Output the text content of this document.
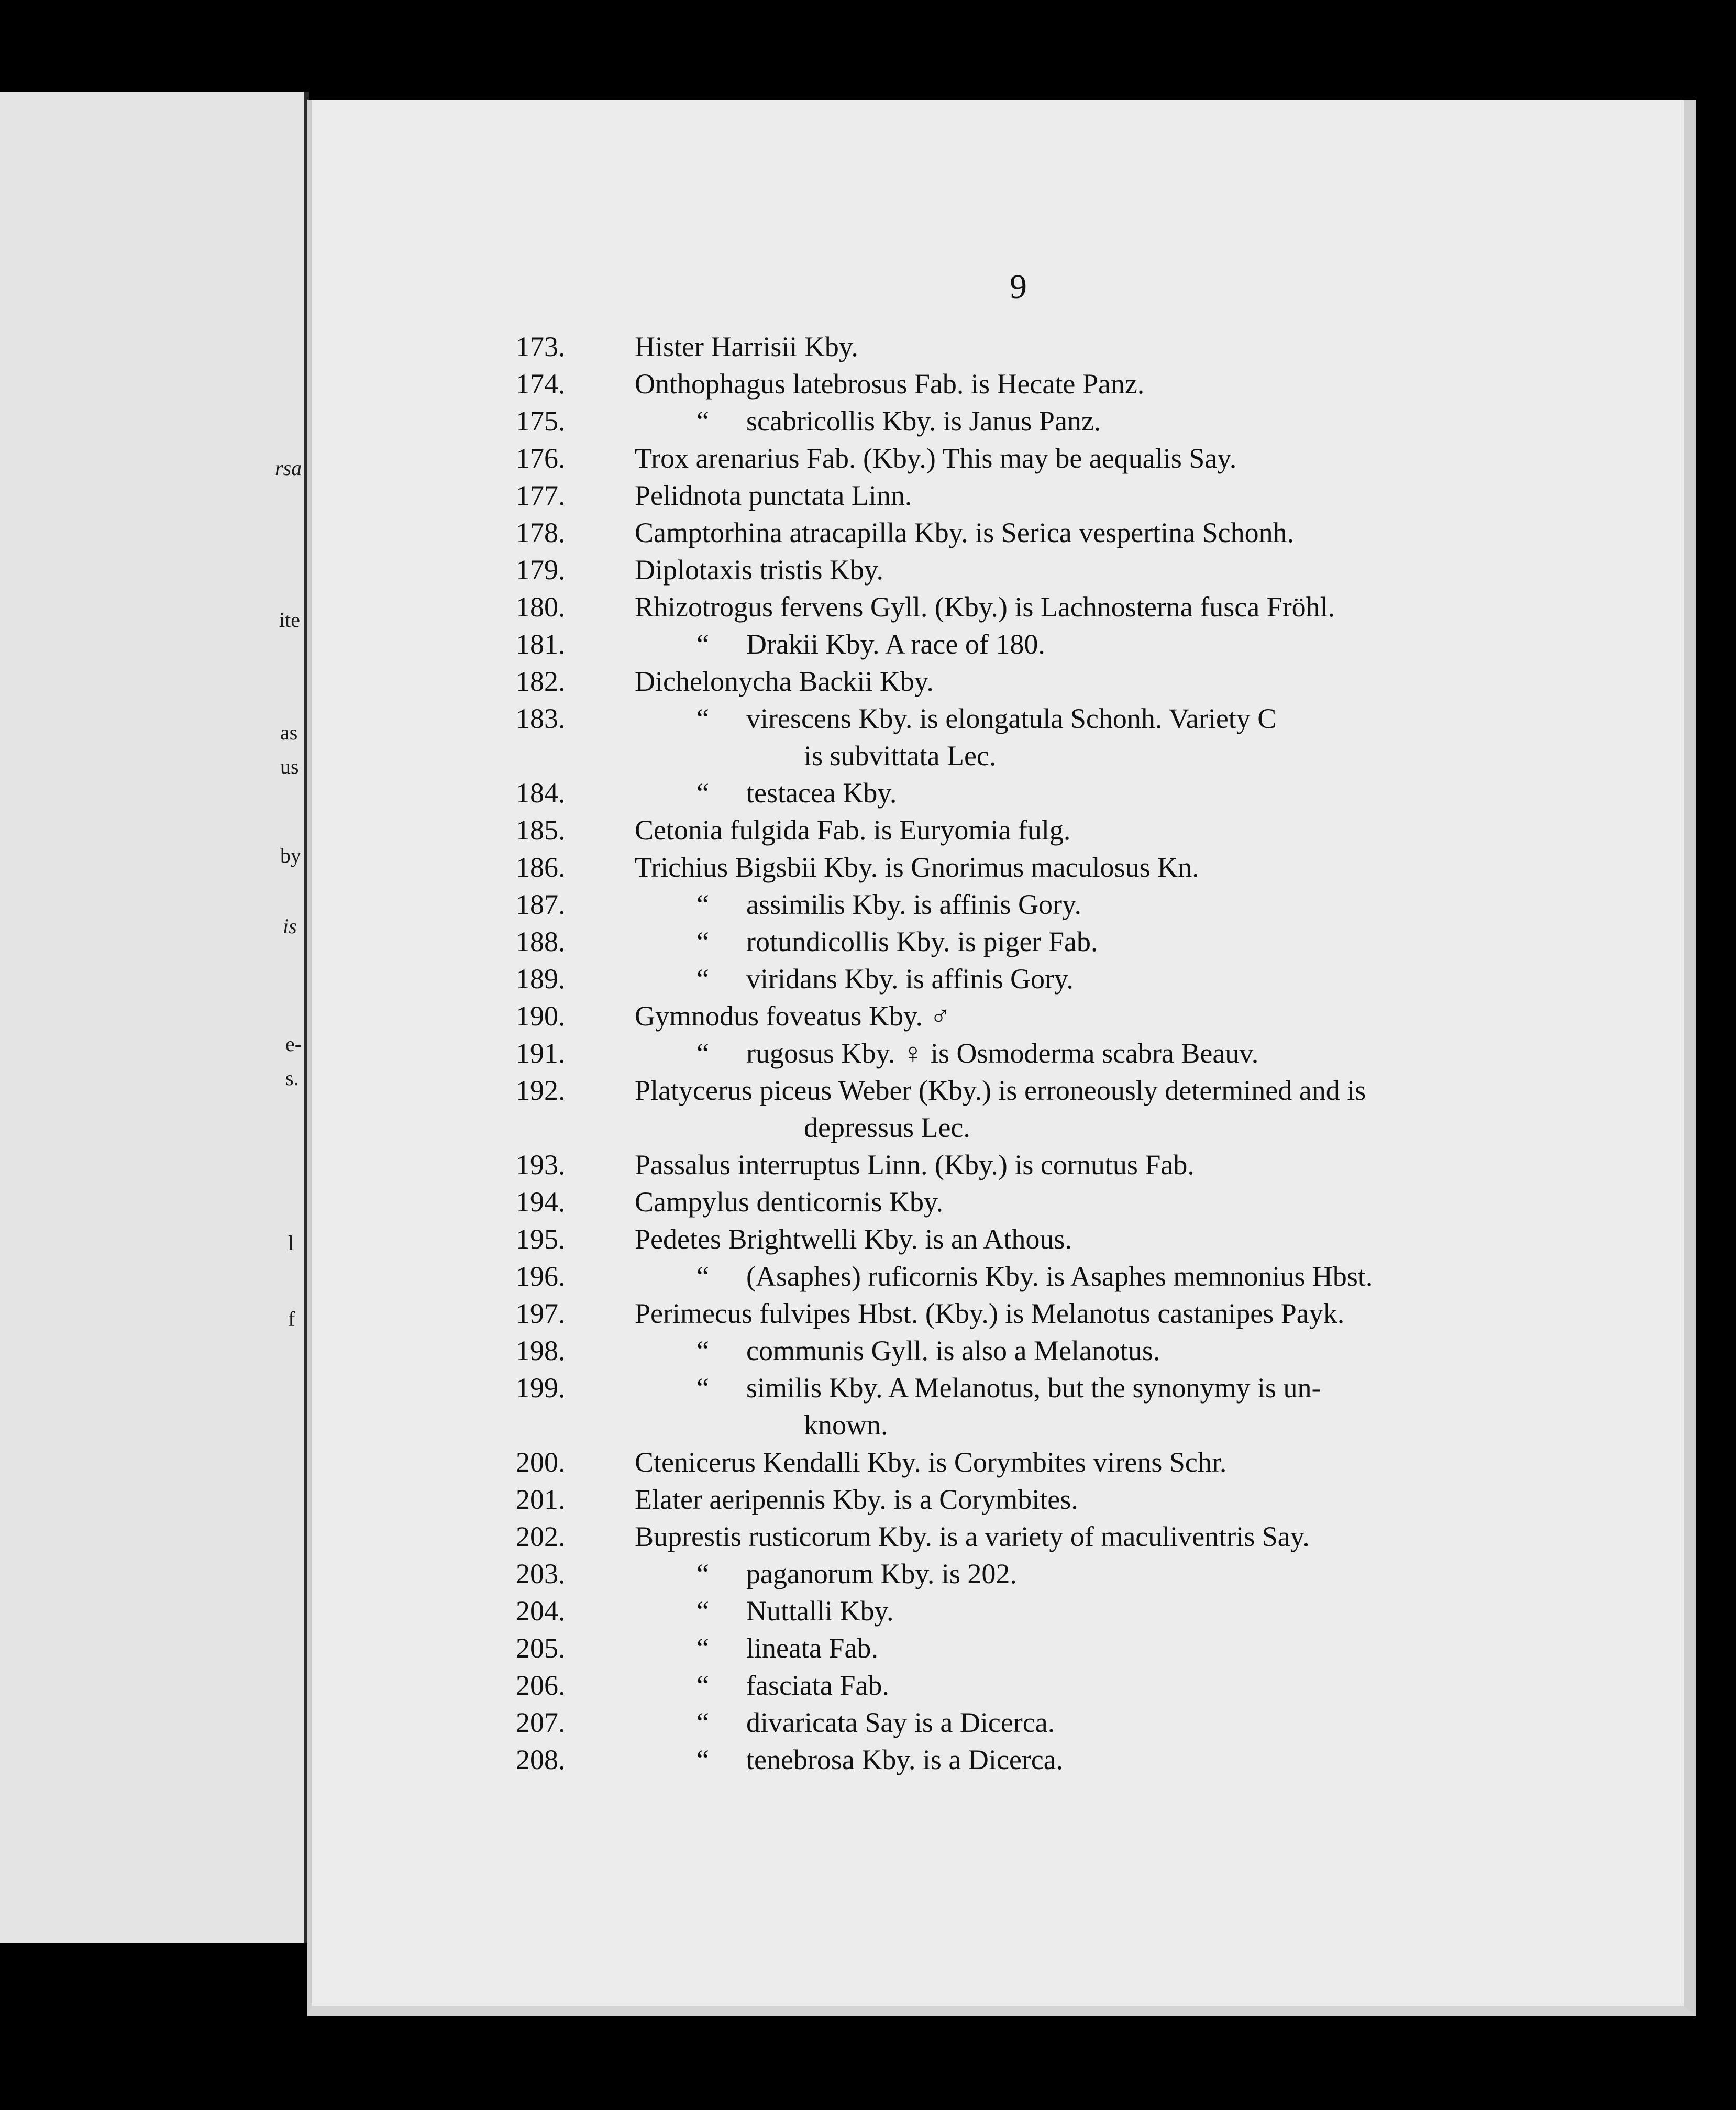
rsa
ite
as
us
by
is
e-
s.
l
f
9
173. Hister Harrisii Kby.
174. Onthophagus latebrosus Fab. is Hecate Panz.
175.	“ scabricollis Kby. is Janus Panz.
176. Trox arenarius Fab. (Kby.) This may be aequalis Say.
177. Pelidnota punctata Linn.
178. Camptorhina atracapilla Kby. is Serica vespertina Schonh.
179. Diplotaxis tristis Kby.
180. Rhizotrogus fervens Gyll. (Kby.) is Lachnosterna fusca Fröhl.
181.	“ Drakii Kby. A race of 180.
182. Dichelonycha Backii Kby.
183.	“ virescens Kby. is elongatula Schonh. Variety C
is subvittata Lec.
184.	“ testacea Kby.
185. Cetonia fulgida Fab. is Euryomia fulg.
186. Trichius Bigsbii Kby. is Gnorimus maculosus Kn.
187.	“ assimilis Kby. is affinis Gory.
188.	“ rotundicollis Kby. is piger Fab.
189.	“ viridans Kby. is affinis Gory.
190. Gymnodus foveatus Kby. ♂
191.	“ rugosus Kby. ♀ is Osmoderma scabra Beauv.
192. Platycerus piceus Weber (Kby.) is erroneously determined and is
depressus Lec.
193. Passalus interruptus Linn. (Kby.) is cornutus Fab.
194. Campylus denticornis Kby.
195. Pedetes Brightwelli Kby. is an Athous.
196.	“ (Asaphes) ruficornis Kby. is Asaphes memnonius Hbst.
197. Perimecus fulvipes Hbst. (Kby.) is Melanotus castanipes Payk.
198.	“ communis Gyll. is also a Melanotus.
199.	“ similis Kby. A Melanotus, but the synonymy is un-
known.
200. Ctenicerus Kendalli Kby. is Corymbites virens Schr.
201. Elater aeripennis Kby. is a Corymbites.
202. Buprestis rusticorum Kby. is a variety of maculiventris Say.
203.	“ paganorum Kby. is 202.
204.	“ Nuttalli Kby.
205.	“ lineata Fab.
206.	“ fasciata Fab.
207.	“ divaricata Say is a Dicerca.
208.	“ tenebrosa Kby. is a Dicerca.
